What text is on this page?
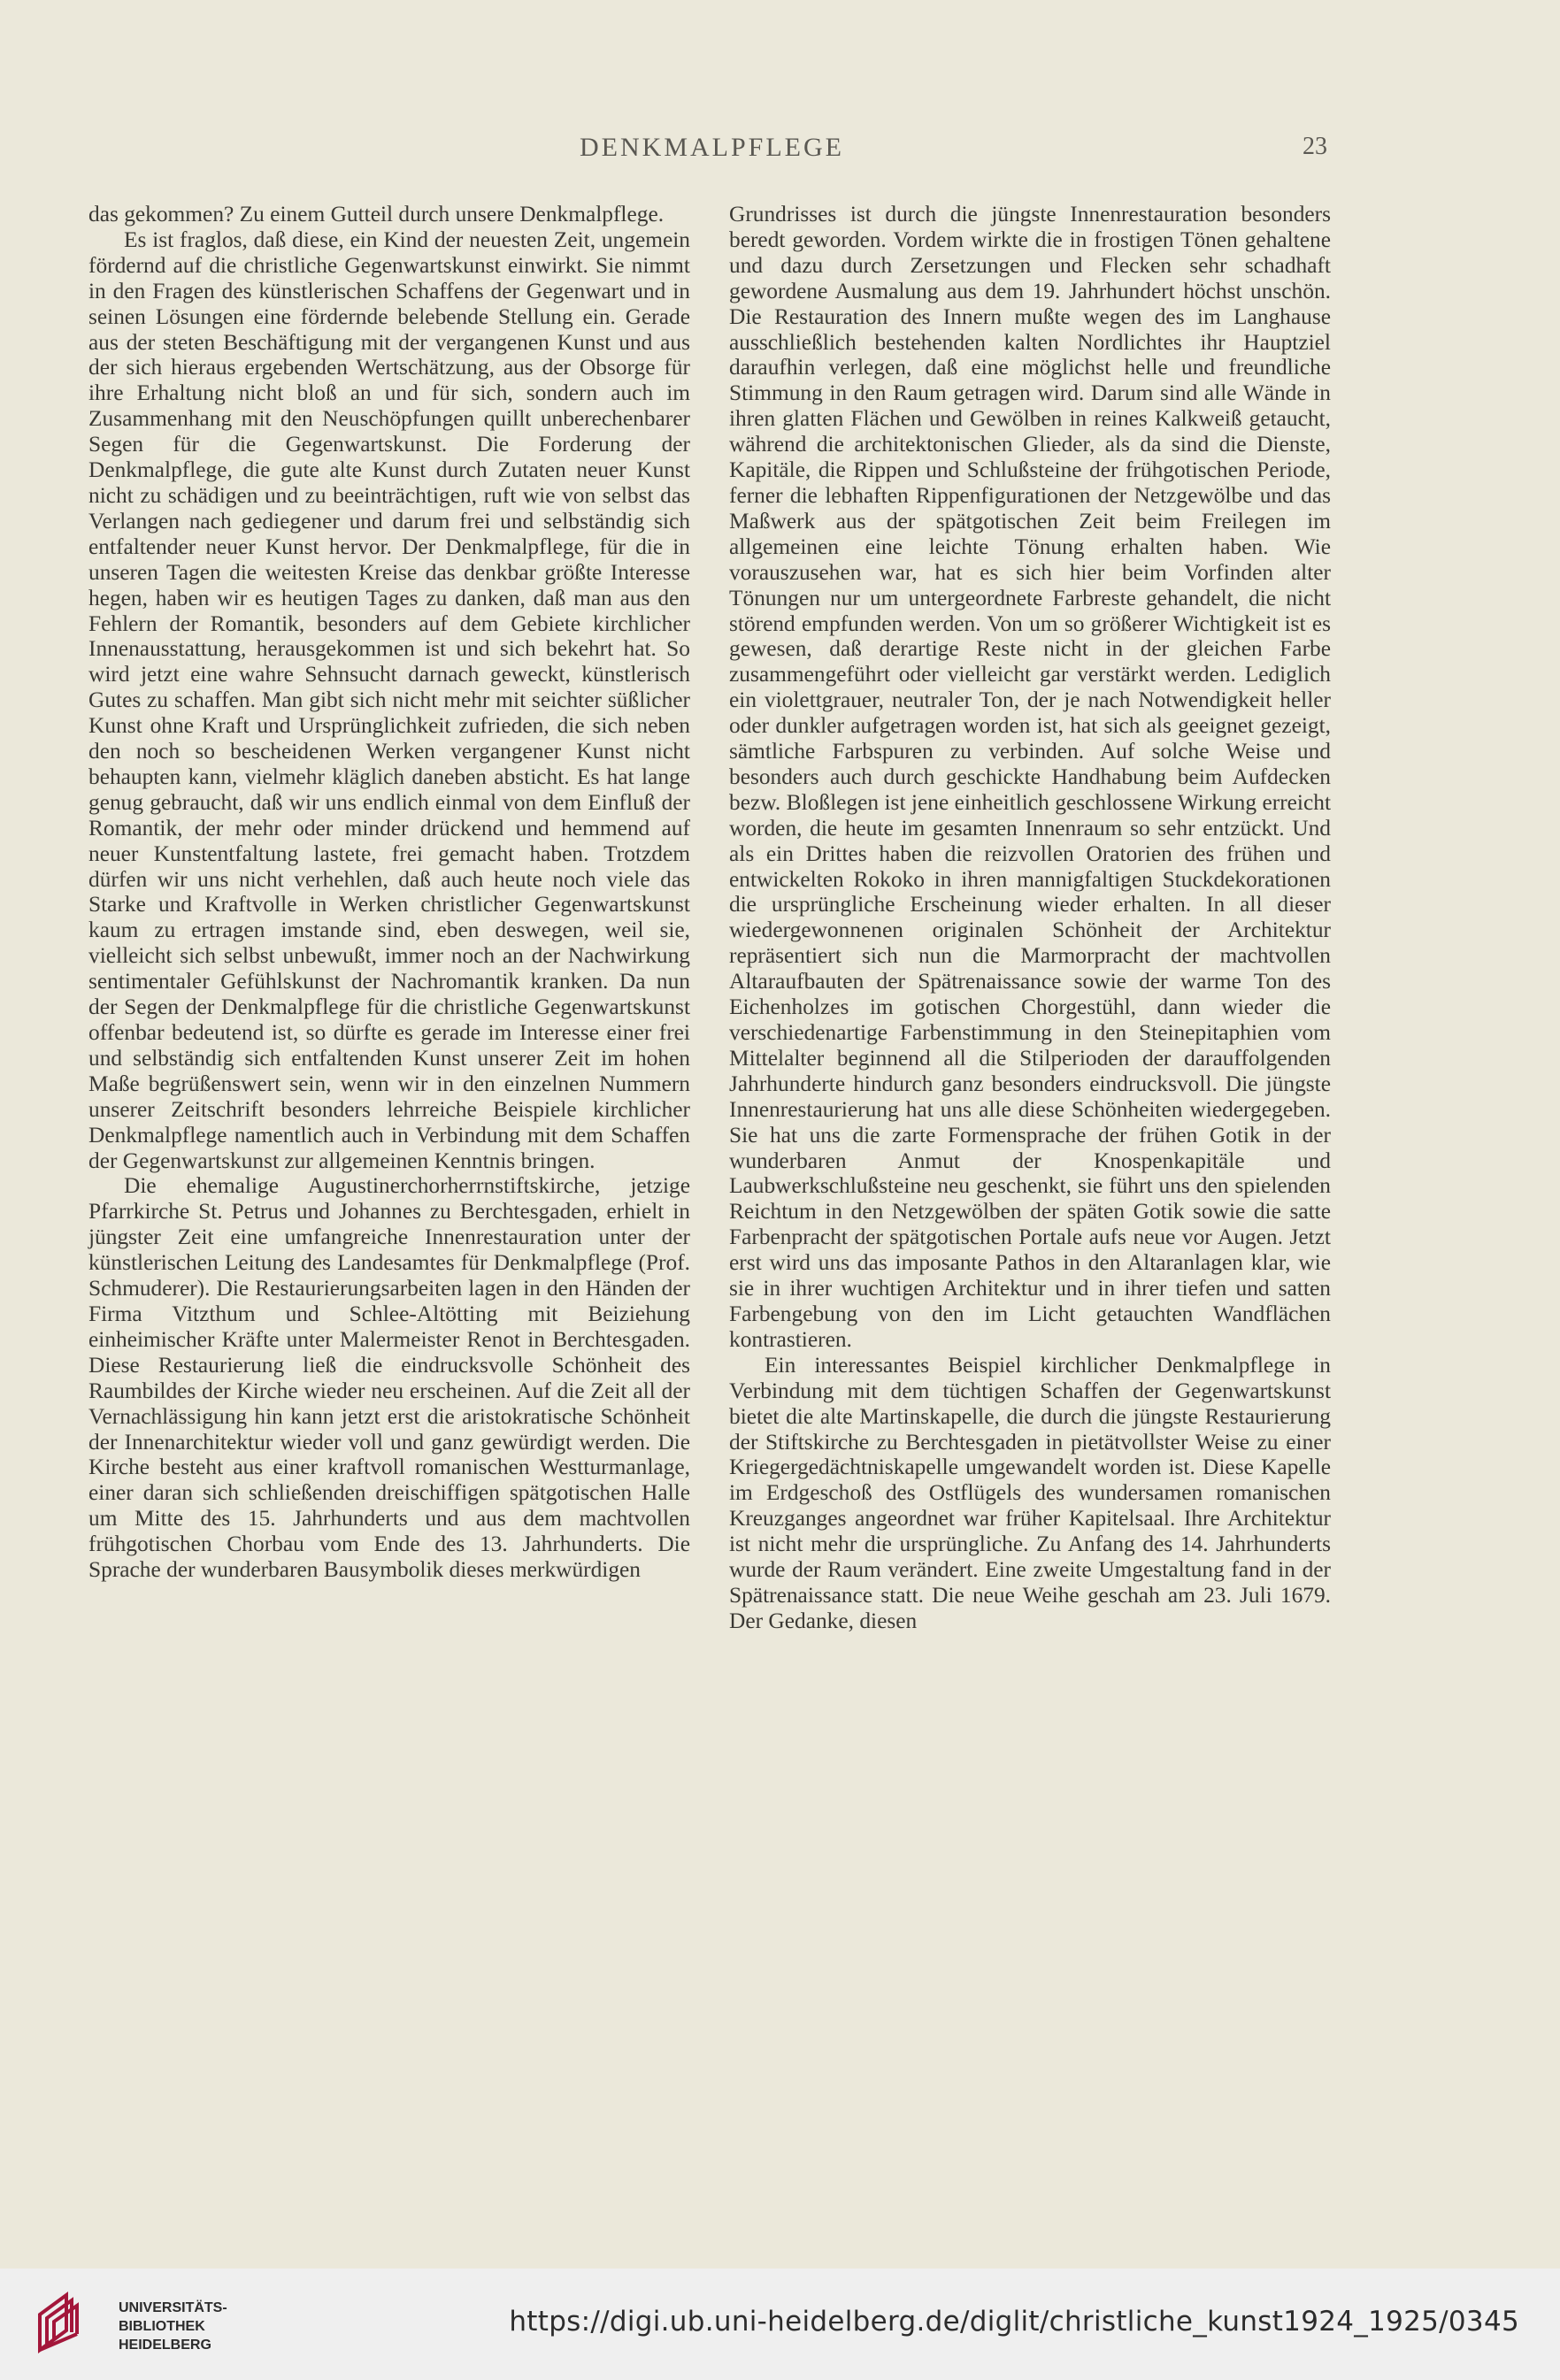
DENKMALPFLEGE	23

das gekommen? Zu einem Gutteil durch unsere Denkmalpflege.

Es ist fraglos, daß diese, ein Kind der neuesten Zeit, ungemein fördernd auf die christliche Gegenwartskunst einwirkt. Sie nimmt in den Fragen des künstlerischen Schaffens der Gegenwart und in seinen Lösungen eine fördernde belebende Stellung ein. Gerade aus der steten Beschäftigung mit der vergangenen Kunst und aus der sich hieraus ergebenden Wertschätzung, aus der Obsorge für ihre Erhaltung nicht bloß an und für sich, sondern auch im Zusammenhang mit den Neuschöpfungen quillt unberechenbarer Segen für die Gegenwartskunst. Die Forderung der Denkmalpflege, die gute alte Kunst durch Zutaten neuer Kunst nicht zu schädigen und zu beeinträchtigen, ruft wie von selbst das Verlangen nach gediegener und darum frei und selbständig sich entfaltender neuer Kunst hervor. Der Denkmalpflege, für die in unseren Tagen die weitesten Kreise das denkbar größte Interesse hegen, haben wir es heutigen Tages zu danken, daß man aus den Fehlern der Romantik, besonders auf dem Gebiete kirchlicher Innenausstattung, herausgekommen ist und sich bekehrt hat. So wird jetzt eine wahre Sehnsucht darnach geweckt, künstlerisch Gutes zu schaffen. Man gibt sich nicht mehr mit seichter süßlicher Kunst ohne Kraft und Ursprünglichkeit zufrieden, die sich neben den noch so bescheidenen Werken vergangener Kunst nicht behaupten kann, vielmehr kläglich daneben absticht. Es hat lange genug gebraucht, daß wir uns endlich einmal von dem Einfluß der Romantik, der mehr oder minder drückend und hemmend auf neuer Kunstentfaltung lastete, frei gemacht haben. Trotzdem dürfen wir uns nicht verhehlen, daß auch heute noch viele das Starke und Kraftvolle in Werken christlicher Gegenwartskunst kaum zu ertragen imstande sind, eben deswegen, weil sie, vielleicht sich selbst unbewußt, immer noch an der Nachwirkung sentimentaler Gefühlskunst der Nachromantik kranken. Da nun der Segen der Denkmalpflege für die christliche Gegenwartskunst offenbar bedeutend ist, so dürfte es gerade im Interesse einer frei und selbständig sich entfaltenden Kunst unserer Zeit im hohen Maße begrüßenswert sein, wenn wir in den einzelnen Nummern unserer Zeitschrift besonders lehrreiche Beispiele kirchlicher Denkmalpflege namentlich auch in Verbindung mit dem Schaffen der Gegenwartskunst zur allgemeinen Kenntnis bringen.

Die ehemalige Augustinerchorherrnstiftskirche, jetzige Pfarrkirche St. Petrus und Johannes zu Berchtesgaden, erhielt in jüngster Zeit eine umfangreiche Innenrestauration unter der künstlerischen Leitung des Landesamtes für Denkmalpflege (Prof. Schmuderer). Die Restaurierungsarbeiten lagen in den Händen der Firma Vitzthum und Schlee-Altötting mit Beiziehung einheimischer Kräfte unter Malermeister Renot in Berchtesgaden. Diese Restaurierung ließ die eindrucksvolle Schönheit des Raumbildes der Kirche wieder neu erscheinen. Auf die Zeit all der Vernachlässigung hin kann jetzt erst die aristokratische Schönheit der Innenarchitektur wieder voll und ganz gewürdigt werden. Die Kirche besteht aus einer kraftvoll romanischen Westturmanlage, einer daran sich schließenden dreischiffigen spätgotischen Halle um Mitte des 15. Jahrhunderts und aus dem machtvollen frühgotischen Chorbau vom Ende des 13. Jahrhunderts. Die Sprache der wunderbaren Bausymbolik dieses merkwürdigen

Grundrisses ist durch die jüngste Innenrestauration besonders beredt geworden. Vordem wirkte die in frostigen Tönen gehaltene und dazu durch Zersetzungen und Flecken sehr schadhaft gewordene Ausmalung aus dem 19. Jahrhundert höchst unschön. Die Restauration des Innern mußte wegen des im Langhause ausschließlich bestehenden kalten Nordlichtes ihr Hauptziel daraufhin verlegen, daß eine möglichst helle und freundliche Stimmung in den Raum getragen wird. Darum sind alle Wände in ihren glatten Flächen und Gewölben in reines Kalkweiß getaucht, während die architektonischen Glieder, als da sind die Dienste, Kapitäle, die Rippen und Schlußsteine der frühgotischen Periode, ferner die lebhaften Rippenfigurationen der Netzgewölbe und das Maßwerk aus der spätgotischen Zeit beim Freilegen im allgemeinen eine leichte Tönung erhalten haben. Wie vorauszusehen war, hat es sich hier beim Vorfinden alter Tönungen nur um untergeordnete Farbreste gehandelt, die nicht störend empfunden werden. Von um so größerer Wichtigkeit ist es gewesen, daß derartige Reste nicht in der gleichen Farbe zusammengeführt oder vielleicht gar verstärkt werden. Lediglich ein violettgrauer, neutraler Ton, der je nach Notwendigkeit heller oder dunkler aufgetragen worden ist, hat sich als geeignet gezeigt, sämtliche Farbspuren zu verbinden. Auf solche Weise und besonders auch durch geschickte Handhabung beim Aufdecken bezw. Bloßlegen ist jene einheitlich geschlossene Wirkung erreicht worden, die heute im gesamten Innenraum so sehr entzückt. Und als ein Drittes haben die reizvollen Oratorien des frühen und entwickelten Rokoko in ihren mannigfaltigen Stuckdekorationen die ursprüngliche Erscheinung wieder erhalten. In all dieser wiedergewonnenen originalen Schönheit der Architektur repräsentiert sich nun die Marmorpracht der machtvollen Altaraufbauten der Spätrenaissance sowie der warme Ton des Eichenholzes im gotischen Chorgestühl, dann wieder die verschiedenartige Farbenstimmung in den Steinepitaphien vom Mittelalter beginnend all die Stilperioden der darauffolgenden Jahrhunderte hindurch ganz besonders eindrucksvoll. Die jüngste Innenrestaurierung hat uns alle diese Schönheiten wiedergegeben. Sie hat uns die zarte Formensprache der frühen Gotik in der wunderbaren Anmut der Knospenkapitäle und Laubwerkschlußsteine neu geschenkt, sie führt uns den spielenden Reichtum in den Netzgewölben der späten Gotik sowie die satte Farbenpracht der spätgotischen Portale aufs neue vor Augen. Jetzt erst wird uns das imposante Pathos in den Altaranlagen klar, wie sie in ihrer wuchtigen Architektur und in ihrer tiefen und satten Farbengebung von den im Licht getauchten Wandflächen kontrastieren.

Ein interessantes Beispiel kirchlicher Denkmalpflege in Verbindung mit dem tüchtigen Schaffen der Gegenwartskunst bietet die alte Martinskapelle, die durch die jüngste Restaurierung der Stiftskirche zu Berchtesgaden in pietätvollster Weise zu einer Kriegergedächtniskapelle umgewandelt worden ist. Diese Kapelle im Erdgeschoß des Ostflügels des wundersamen romanischen Kreuzganges angeordnet war früher Kapitelsaal. Ihre Architektur ist nicht mehr die ursprüngliche. Zu Anfang des 14. Jahrhunderts wurde der Raum verändert. Eine zweite Umgestaltung fand in der Spätrenaissance statt. Die neue Weihe geschah am 23. Juli 1679. Der Gedanke, diesen

UNIVERSITÄTS-
BIBLIOTHEK
HEIDELBERG
https://digi.ub.uni-heidelberg.de/diglit/christliche_kunst1924_1925/0345
